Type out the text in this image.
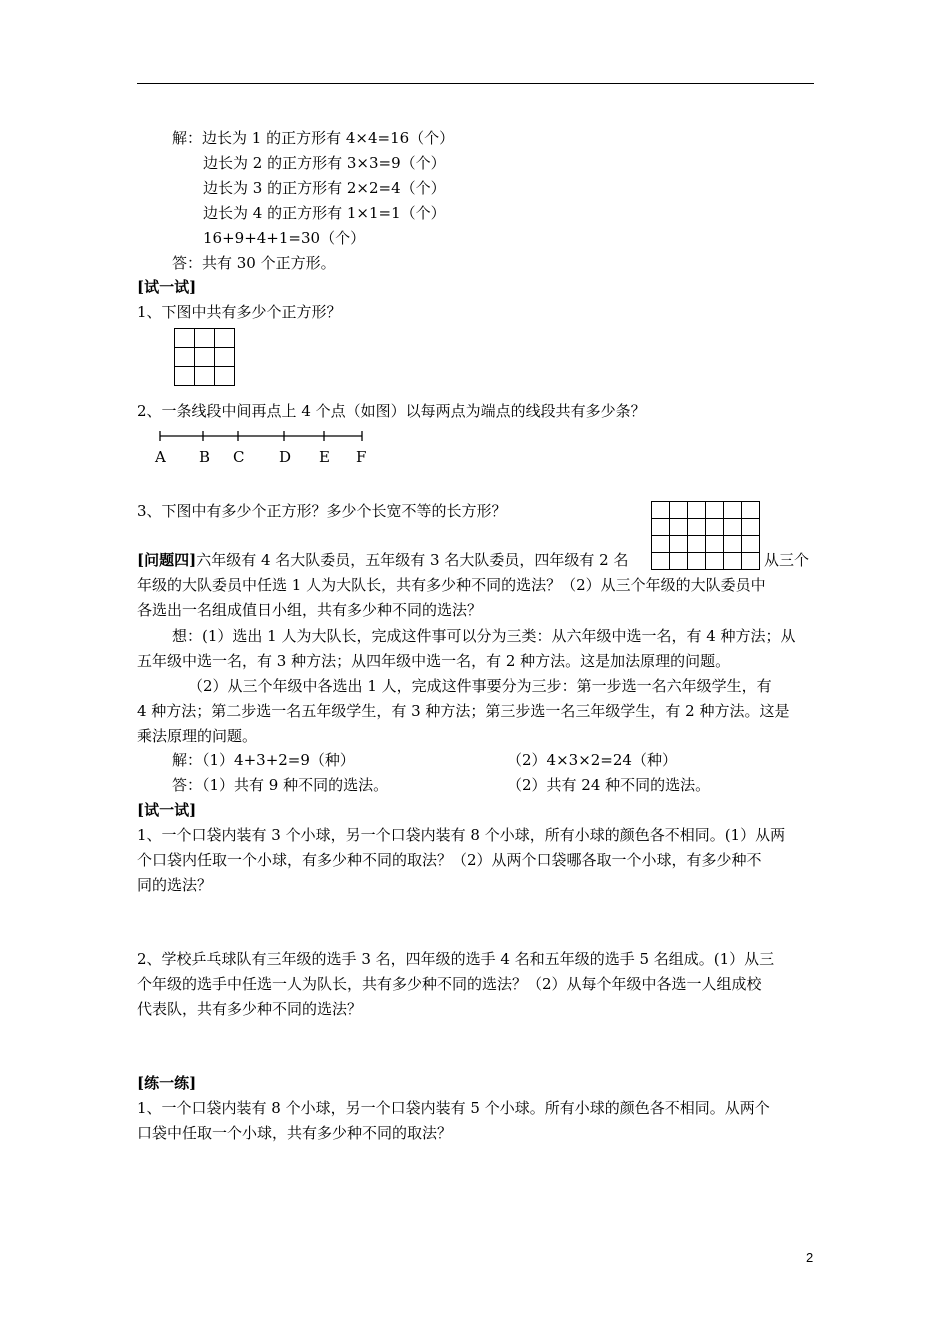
解：边长为 1 的正方形有 4×4=16（个）
边长为 2 的正方形有 3×3=9（个）
边长为 3 的正方形有 2×2=4（个）
边长为 4 的正方形有 1×1=1（个）
16+9+4+1=30（个）
答：共有 30 个正方形。
[试一试]
1、下图中共有多少个正方形？

2、一条线段中间再点上 4 个点（如图）以每两点为端点的线段共有多少条？
A B C D E F
3、下图中有多少个正方形？多少个长宽不等的长方形？
[问题四]六年级有 4 名大队委员，五年级有 3 名大队委员，四年级有 2 名	从三个

年级的大队委员中任选 1 人为大队长，共有多少种不同的选法？（2）从三个年级的大队委员中
各选出一名组成值日小组，共有多少种不同的选法？
想：(1）选出 1 人为大队长，完成这件事可以分为三类：从六年级中选一名，有 4 种方法；从
五年级中选一名，有 3 种方法；从四年级中选一名，有 2 种方法。这是加法原理的问题。
（2）从三个年级中各选出 1 人，完成这件事要分为三步：第一步选一名六年级学生，有
4 种方法；第二步选一名五年级学生，有 3 种方法；第三步选一名三年级学生，有 2 种方法。这是
乘法原理的问题。
解：（1）4+3+2=9（种）	（2）4×3×2=24（种）
答：（1）共有 9 种不同的选法。	（2）共有 24 种不同的选法。
[试一试]
1、一个口袋内装有 3 个小球，另一个口袋内装有 8 个小球，所有小球的颜色各不相同。(1）从两
个口袋内任取一个小球，有多少种不同的取法？（2）从两个口袋哪各取一个小球，有多少种不
同的选法？
2、学校乒乓球队有三年级的选手 3 名，四年级的选手 4 名和五年级的选手 5 名组成。(1）从三
个年级的选手中任选一人为队长，共有多少种不同的选法？（2）从每个年级中各选一人组成校
代表队，共有多少种不同的选法？
[练一练]
1、一个口袋内装有 8 个小球，另一个口袋内装有 5 个小球。所有小球的颜色各不相同。从两个
口袋中任取一个小球，共有多少种不同的取法？
2
